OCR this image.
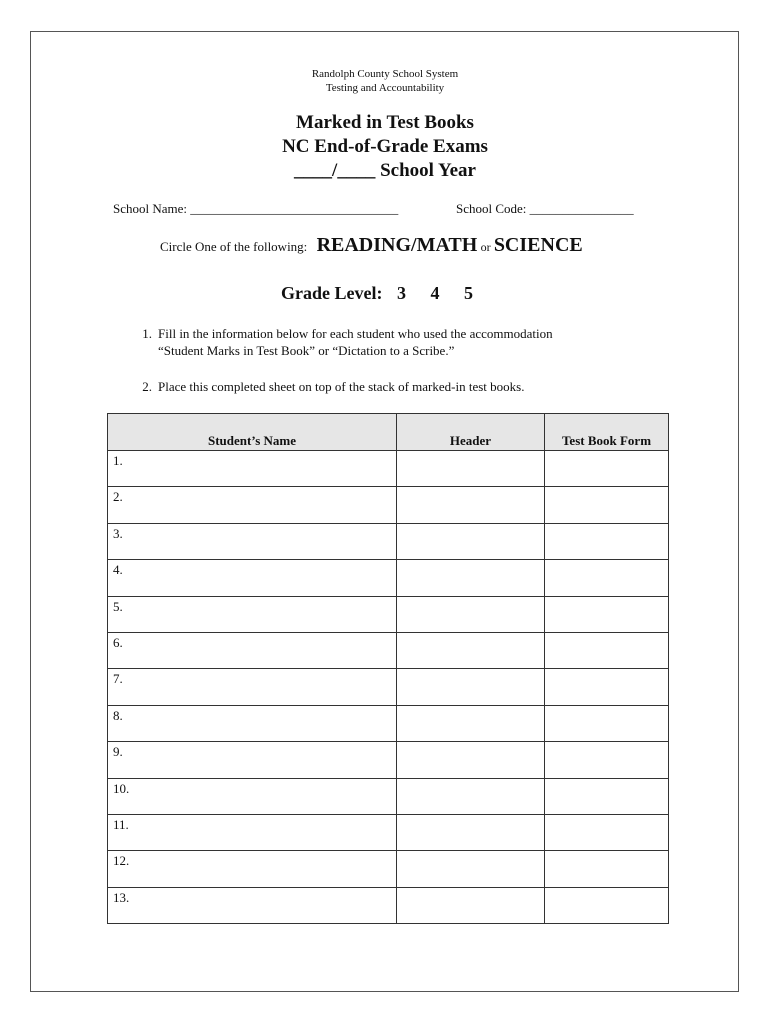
Randolph County School System
Testing and Accountability
Marked in Test Books
NC End-of-Grade Exams
____/____ School Year
School Name: ________________________________	School Code: ________________
Circle One of the following: READING/MATH or SCIENCE
Grade Level: 3 4 5
1. Fill in the information below for each student who used the accommodation
“Student Marks in Test Book” or “Dictation to a Scribe.”
2. Place this completed sheet on top of the stack of marked-in test books.
Student’s Name	Header	Test Book Form
1.		
2.		
3.		
4.		
5.		
6.		
7.		
8.		
9.		
10.		
11.		
12.		
13.		
